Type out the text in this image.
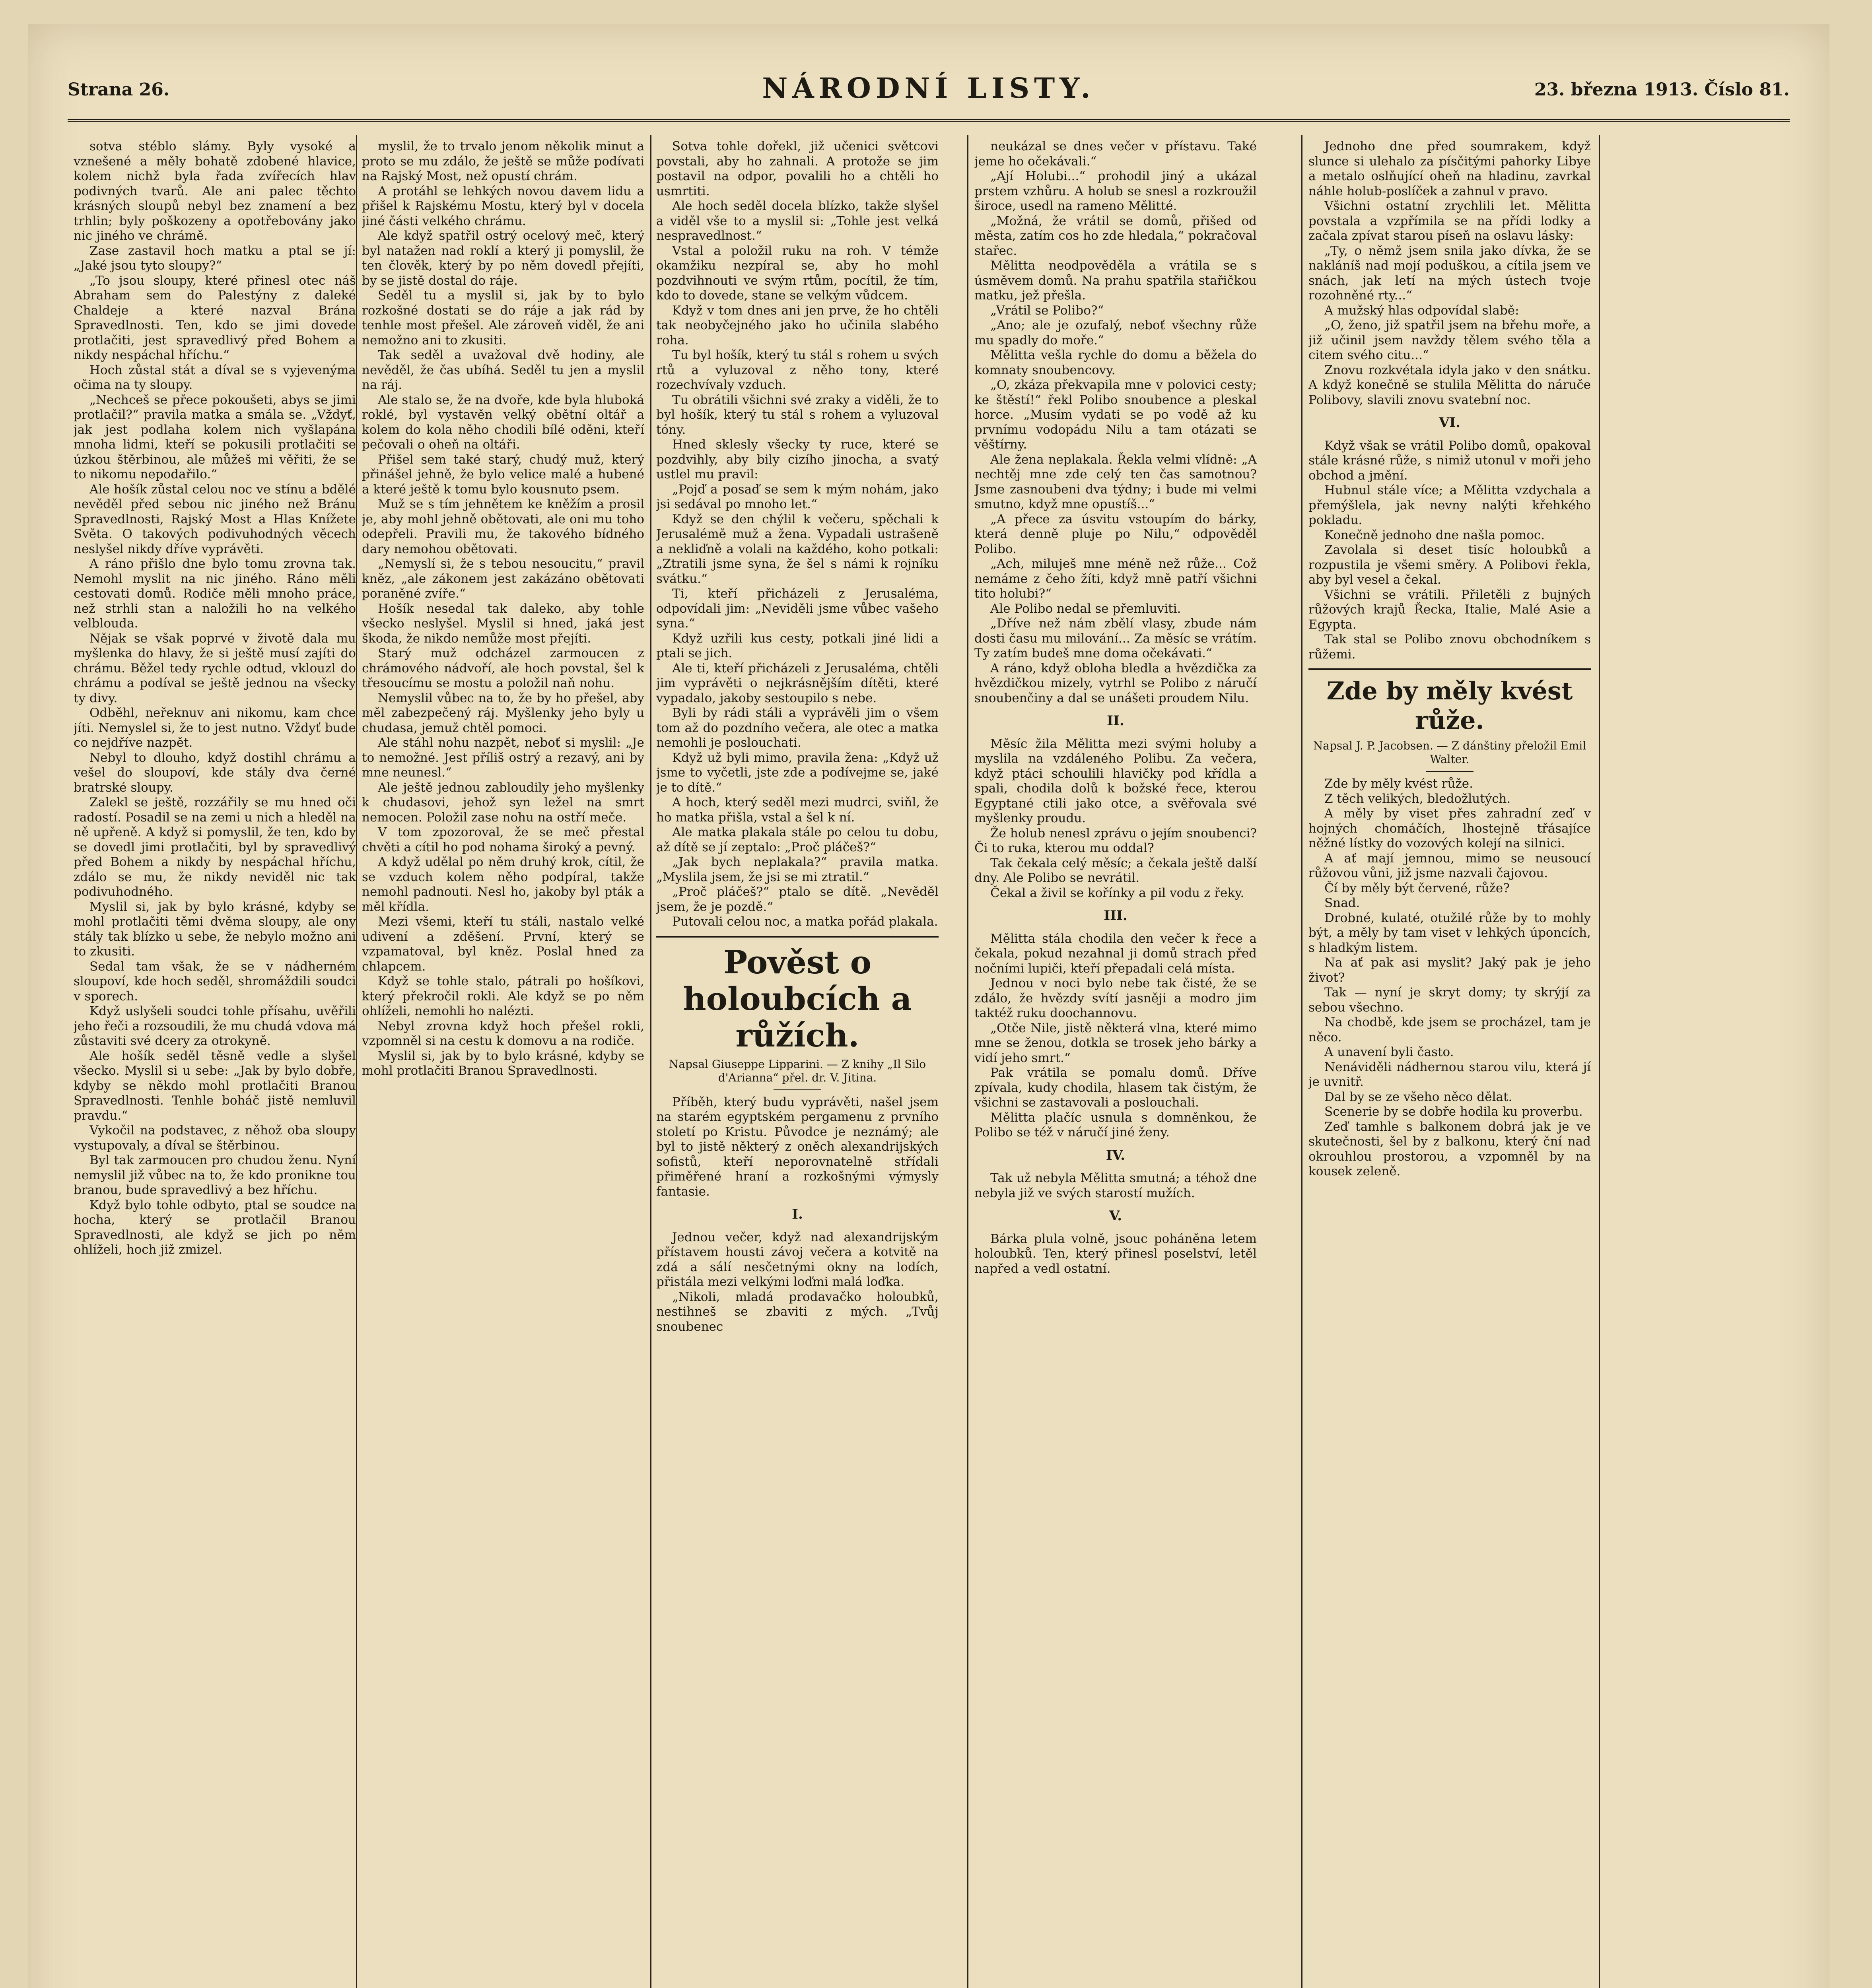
Strana 26.	NÁRODNÍ LISTY.	23. března 1913. Číslo 81.

sotva stéblo slámy. Byly vysoké a vznešené a měly bohatě zdobené hlavice, kolem nichž byla řada zvířecích hlav podivných tvarů. Ale ani palec těchto krásných sloupů nebyl bez znamení a bez trhlin; byly poškozeny a opotřebovány jako nic jiného ve chrámě.

Zase zastavil hoch matku a ptal se jí: „Jaké jsou tyto sloupy?“

„To jsou sloupy, které přinesl otec náš Abraham sem do Palestýny z daleké Chaldeje a které nazval Brána Spravedlnosti. Ten, kdo se jimi dovede protlačiti, jest spravedlivý před Bohem a nikdy nespáchal hříchu.“

Hoch zůstal stát a díval se s vyjevenýma očima na ty sloupy.

„Nechceš se přece pokoušeti, abys se jimi protlačil?“ pravila matka a smála se. „Vždyť, jak jest podlaha kolem nich vyšlapána mnoha lidmi, kteří se pokusili protlačiti se úzkou štěrbinou, ale můžeš mi věřiti, že se to nikomu nepodařilo.“

Ale hošík zůstal celou noc ve stínu a bdělé nevěděl před sebou nic jiného než Bránu Spravedlnosti, Rajský Most a Hlas Knížete Světa. O takových podivuhodných věcech neslyšel nikdy dříve vyprávěti.

A ráno přišlo dne bylo tomu zrovna tak. Nemohl myslit na nic jiného. Ráno měli cestovati domů. Rodiče měli mnoho práce, než strhli stan a naložili ho na velkého velblouda.

Nějak se však poprvé v životě dala mu myšlenka do hlavy, že si ještě musí zajíti do chrámu. Běžel tedy rychle odtud, vklouzl do chrámu a podíval se ještě jednou na všecky ty divy.

Odběhl, neřeknuv ani nikomu, kam chce jíti. Nemyslel si, že to jest nutno. Vždyť bude co nejdříve nazpět.

Nebyl to dlouho, když dostihl chrámu a vešel do sloupoví, kde stály dva černé bratrské sloupy.

Zalekl se ještě, rozzářily se mu hned oči radostí. Posadil se na zemi u nich a hleděl na ně upřeně. A když si pomyslil, že ten, kdo by se dovedl jimi protlačiti, byl by spravedlivý před Bohem a nikdy by nespáchal hříchu, zdálo se mu, že nikdy neviděl nic tak podivuhodného.

Myslil si, jak by bylo krásné, kdyby se mohl protlačiti těmi dvěma sloupy, ale ony stály tak blízko u sebe, že nebylo možno ani to zkusiti.

Sedal tam však, že se v nádherném sloupoví, kde hoch seděl, shromáždili soudci v sporech.

Když uslyšeli soudci tohle přísahu, uvěřili jeho řeči a rozsoudili, že mu chudá vdova má zůstaviti své dcery za otrokyně.

Ale hošík seděl těsně vedle a slyšel všecko. Myslil si u sebe: „Jak by bylo dobře, kdyby se někdo mohl protlačiti Branou Spravedlnosti. Tenhle boháč jistě nemluvil pravdu.“

Vykočil na podstavec, z něhož oba sloupy vystupovaly, a díval se štěrbinou.

Byl tak zarmoucen pro chudou ženu. Nyní nemyslil již vůbec na to, že kdo pronikne tou branou, bude spravedlivý a bez hříchu.

Když bylo tohle odbyto, ptal se soudce na hocha, který se protlačil Branou Spravedlnosti, ale když se jich po něm ohlíželi, hoch již zmizel.

myslil, že to trvalo jenom několik minut a proto se mu zdálo, že ještě se může podívati na Rajský Most, než opustí chrám.

A protáhl se lehkých novou davem lidu a přišel k Rajskému Mostu, který byl v docela jiné části velkého chrámu.

Ale když spatřil ostrý ocelový meč, který byl natažen nad roklí a který ji pomyslil, že ten člověk, který by po něm dovedl přejíti, by se jistě dostal do ráje.

Seděl tu a myslil si, jak by to bylo rozkošné dostati se do ráje a jak rád by tenhle most přešel. Ale zároveň viděl, že ani nemožno ani to zkusiti.

Tak seděl a uvažoval dvě hodiny, ale nevěděl, že čas ubíhá. Seděl tu jen a myslil na ráj.

Ale stalo se, že na dvoře, kde byla hluboká roklé, byl vystavěn velký obětní oltář a kolem do kola něho chodili bílé oděni, kteří pečovali o oheň na oltáři.

Přišel sem také starý, chudý muž, který přinášel jehně, že bylo velice malé a hubené a které ještě k tomu bylo kousnuto psem.

Muž se s tím jehnětem ke kněžím a prosil je, aby mohl jehně obětovati, ale oni mu toho odepřeli. Pravili mu, že takového bídného dary nemohou obětovati.

„Nemyslí si, že s tebou nesoucitu,“ pravil kněz, „ale zákonem jest zakázáno obětovati poraněné zvíře.“

Hošík nesedal tak daleko, aby tohle všecko neslyšel. Myslil si hned, jaká jest škoda, že nikdo nemůže most přejíti.

Starý muž odcházel zarmoucen z chrámového nádvoří, ale hoch povstal, šel k třesoucímu se mostu a položil naň nohu.

Nemyslil vůbec na to, že by ho přešel, aby měl zabezpečený ráj. Myšlenky jeho byly u chudasa, jemuž chtěl pomoci.

Ale stáhl nohu nazpět, neboť si myslil: „Je to nemožné. Jest příliš ostrý a rezavý, ani by mne neunesl.“

Ale ještě jednou zabloudily jeho myšlenky k chudasovi, jehož syn ležel na smrt nemocen. Položil zase nohu na ostří meče.

V tom zpozoroval, že se meč přestal chvěti a cítil ho pod nohama široký a pevný.

A když udělal po něm druhý krok, cítil, že se vzduch kolem něho podpíral, takže nemohl padnouti. Nesl ho, jakoby byl pták a měl křídla.

Mezi všemi, kteří tu stáli, nastalo velké udivení a zděšení. První, který se vzpamatoval, byl kněz. Poslal hned za chlapcem.

Když se tohle stalo, pátrali po hošíkovi, který překročil rokli. Ale když se po něm ohlíželi, nemohli ho nalézti.

Nebyl zrovna když hoch přešel rokli, vzpomněl si na cestu k domovu a na rodiče.

Myslil si, jak by to bylo krásné, kdyby se mohl protlačiti Branou Spravedlnosti.

Sotva tohle dořekl, již učenici světcovi povstali, aby ho zahnali. A protože se jim postavil na odpor, povalili ho a chtěli ho usmrtiti.

Ale hoch seděl docela blízko, takže slyšel a viděl vše to a myslil si: „Tohle jest velká nespravedlnost.“

Vstal a položil ruku na roh. V témže okamžiku nezpíral se, aby ho mohl pozdvihnouti ve svým rtům, pocítil, že tím, kdo to dovede, stane se velkým vůdcem.

Když v tom dnes ani jen prve, že ho chtěli tak neobyčejného jako ho učinila slabého roha.

Tu byl hošík, který tu stál s rohem u svých rtů a vyluzoval z něho tony, které rozechvívaly vzduch.

Tu obrátili všichni své zraky a viděli, že to byl hošík, který tu stál s rohem a vyluzoval tóny.

Hned sklesly všecky ty ruce, které se pozdvihly, aby bily cizího jinocha, a svatý ustlel mu pravil:

„Pojď a posaď se sem k mým nohám, jako jsi sedával po mnoho let.“

Když se den chýlil k večeru, spěchali k Jerusalémě muž a žena. Vypadali ustrašeně a nekliďně a volali na každého, koho potkali: „Ztratili jsme syna, že šel s námi k rojníku svátku.“

Ti, kteří přicházeli z Jerusaléma, odpovídali jim: „Neviděli jsme vůbec vašeho syna.“

Když uzřili kus cesty, potkali jiné lidi a ptali se jich.

Ale ti, kteří přicházeli z Jerusaléma, chtěli jim vyprávěti o nejkrásnějším dítěti, které vypadalo, jakoby sestoupilo s nebe.

Byli by rádi stáli a vyprávěli jim o všem tom až do pozdního večera, ale otec a matka nemohli je poslouchati.

Když už byli mimo, pravila žena: „Když už jsme to vyčetli, jste zde a podívejme se, jaké je to dítě.“

A hoch, který seděl mezi mudrci, sviňl, že ho matka přišla, vstal a šel k ní.

Ale matka plakala stále po celou tu dobu, až dítě se jí zeptalo: „Proč pláčeš?“

„Jak bych neplakala?“ pravila matka. „Myslila jsem, že jsi se mi ztratil.“

„Proč pláčeš?“ ptalo se dítě. „Nevěděl jsem, že je pozdě.“

Putovali celou noc, a matka pořád plakala.

Pověst o holoubcích a růžích.
Napsal Giuseppe Lipparini. — Z knihy „Il Silo d'Arianna“ přel. dr. V. Jitina.

Příběh, který budu vyprávěti, našel jsem na starém egyptském pergamenu z prvního století po Kristu. Původce je neznámý; ale byl to jistě některý z oněch alexandrijských sofistů, kteří neporovnatelně střídali přiměřené hraní a rozkošnými výmysly fantasie.

I.

Jednou večer, když nad alexandrijským přístavem housti závoj večera a kotvitě na zdá a sálí nesčetnými okny na lodích, přistála mezi velkými loďmi malá loďka.

„Nikoli, mladá prodavačko holoubků, nestihneš se zbaviti z mých. „Tvůj snoubenec

neukázal se dnes večer v přístavu. Také jeme ho očekávali.“

„Ají Holubi...“ prohodil jiný a ukázal prstem vzhůru. A holub se snesl a rozkroužil široce, usedl na rameno Mělitté.

„Možná, že vrátil se domů, přišed od města, zatím cos ho zde hledala,“ pokračoval stařec.

Mělitta neodpověděla a vrátila se s úsměvem domů. Na prahu spatřila stařičkou matku, jež přešla.

„Vrátil se Polibo?“

„Ano; ale je ozufalý, neboť všechny růže mu spadly do moře.“

Mělitta vešla rychle do domu a běžela do komnaty snoubencovy.

„O, zkáza překvapila mne v polovici cesty; ke štěstí!“ řekl Polibo snoubence a pleskal horce. „Musím vydati se po vodě až ku prvnímu vodopádu Nilu a tam otázati se věštírny.

Ale žena neplakala. Řekla velmi vlídně: „A nechtěj mne zde celý ten čas samotnou? Jsme zasnoubeni dva týdny; i bude mi velmi smutno, když mne opustíš...“

„A přece za úsvitu vstoupím do bárky, která denně pluje po Nilu,“ odpověděl Polibo.

„Ach, miluješ mne méně než růže... Což nemáme z čeho žíti, když mně patří všichni tito holubi?“

Ale Polibo nedal se přemluviti.

„Dříve než nám zbělí vlasy, zbude nám dosti času mu milování... Za měsíc se vrátím. Ty zatím budeš mne doma očekávati.“

A ráno, když obloha bledla a hvězdička za hvězdičkou mizely, vytrhl se Polibo z náručí snoubenčiny a dal se unášeti proudem Nilu.

II.

Měsíc žila Mělitta mezi svými holuby a myslila na vzdáleného Polibu. Za večera, když ptáci schoulili hlavičky pod křídla a spali, chodila dolů k božské řece, kterou Egyptané ctili jako otce, a svěřovala své myšlenky proudu.

Že holub nenesl zprávu o jejím snoubenci? Či to ruka, kterou mu oddal?

Tak čekala celý měsíc; a čekala ještě další dny. Ale Polibo se nevrátil.

Čekal a živil se kořínky a pil vodu z řeky.

III.

Mělitta stála chodila den večer k řece a čekala, pokud nezahnal ji domů strach před nočními lupiči, kteří přepadali celá místa.

Jednou v noci bylo nebe tak čisté, že se zdálo, že hvězdy svítí jasněji a modro jim taktéž ruku doochannovu.

„Otče Nile, jistě některá vlna, které mimo mne se ženou, dotkla se trosek jeho bárky a vidí jeho smrt.“

Pak vrátila se pomalu domů. Dříve zpívala, kudy chodila, hlasem tak čistým, že všichni se zastavovali a poslouchali.

Mělitta plačíc usnula s domněnkou, že Polibo se též v náručí jiné ženy.

IV.

Tak už nebyla Mělitta smutná; a téhož dne nebyla již ve svých starostí mužích.

V.

Bárka plula volně, jsouc poháněna letem holoubků. Ten, který přinesl poselství, letěl napřed a vedl ostatní.

Jednoho dne před soumrakem, když slunce si ulehalo za písčitými pahorky Libye a metalo oslňující oheň na hladinu, zavrkal náhle holub-poslíček a zahnul v pravo.

Všichni ostatní zrychlili let. Mělitta povstala a vzpřímila se na přídi lodky a začala zpívat starou píseň na oslavu lásky:

„Ty, o němž jsem snila jako dívka, že se nakláníš nad mojí poduškou, a cítila jsem ve snách, jak letí na mých ústech tvoje rozohněné rty...“

A mužský hlas odpovídal slabě:

„O, ženo, již spatřil jsem na břehu moře, a již učinil jsem navždy tělem svého těla a citem svého citu...“

Znovu rozkvétala idyla jako v den snátku. A když konečně se stulila Mělitta do náruče Polibovy, slavili znovu svatební noc.

VI.

Když však se vrátil Polibo domů, opakoval stále krásné růže, s nimiž utonul v moři jeho obchod a jmění.

Hubnul stále více; a Mělitta vzdychala a přemýšlela, jak nevny nalýti křehkého pokladu.

Konečně jednoho dne našla pomoc.

Zavolala si deset tisíc holoubků a rozpustila je všemi směry. A Polibovi řekla, aby byl vesel a čekal.

Všichni se vrátili. Přiletěli z bujných růžových krajů Řecka, Italie, Malé Asie a Egypta.

Tak stal se Polibo znovu obchodníkem s růžemi.

Zde by měly kvést růže.
Napsal J. P. Jacobsen. — Z dánštiny přeložil Emil Walter.

Zde by měly kvést růže.

Z těch velikých, bledožlutých.

A měly by viset přes zahradní zeď v hojných chomáčích, lhostejně třásajíce něžné lístky do vozových kolejí na silnici.

A ať mají jemnou, mimo se neusoucí růžovou vůni, již jsme nazvali čajovou.

Čí by měly být červené, růže?

Snad.

Drobné, kulaté, otužilé růže by to mohly být, a měly by tam viset v lehkých úponcích, s hladkým listem.

Na ať pak asi myslit? Jaký pak je jeho život?

Tak — nyní je skryt domy; ty skrýjí za sebou všechno.

Na chodbě, kde jsem se procházel, tam je něco.

A unavení byli často.

Nenáviděli nádhernou starou vilu, která jí je uvnitř.

Dal by se ze všeho něco dělat.

Scenerie by se dobře hodila ku proverbu.

Zeď tamhle s balkonem dobrá jak je ve skutečnosti, šel by z balkonu, který ční nad okrouhlou prostorou, a vzpomněl by na kousek zeleně.
